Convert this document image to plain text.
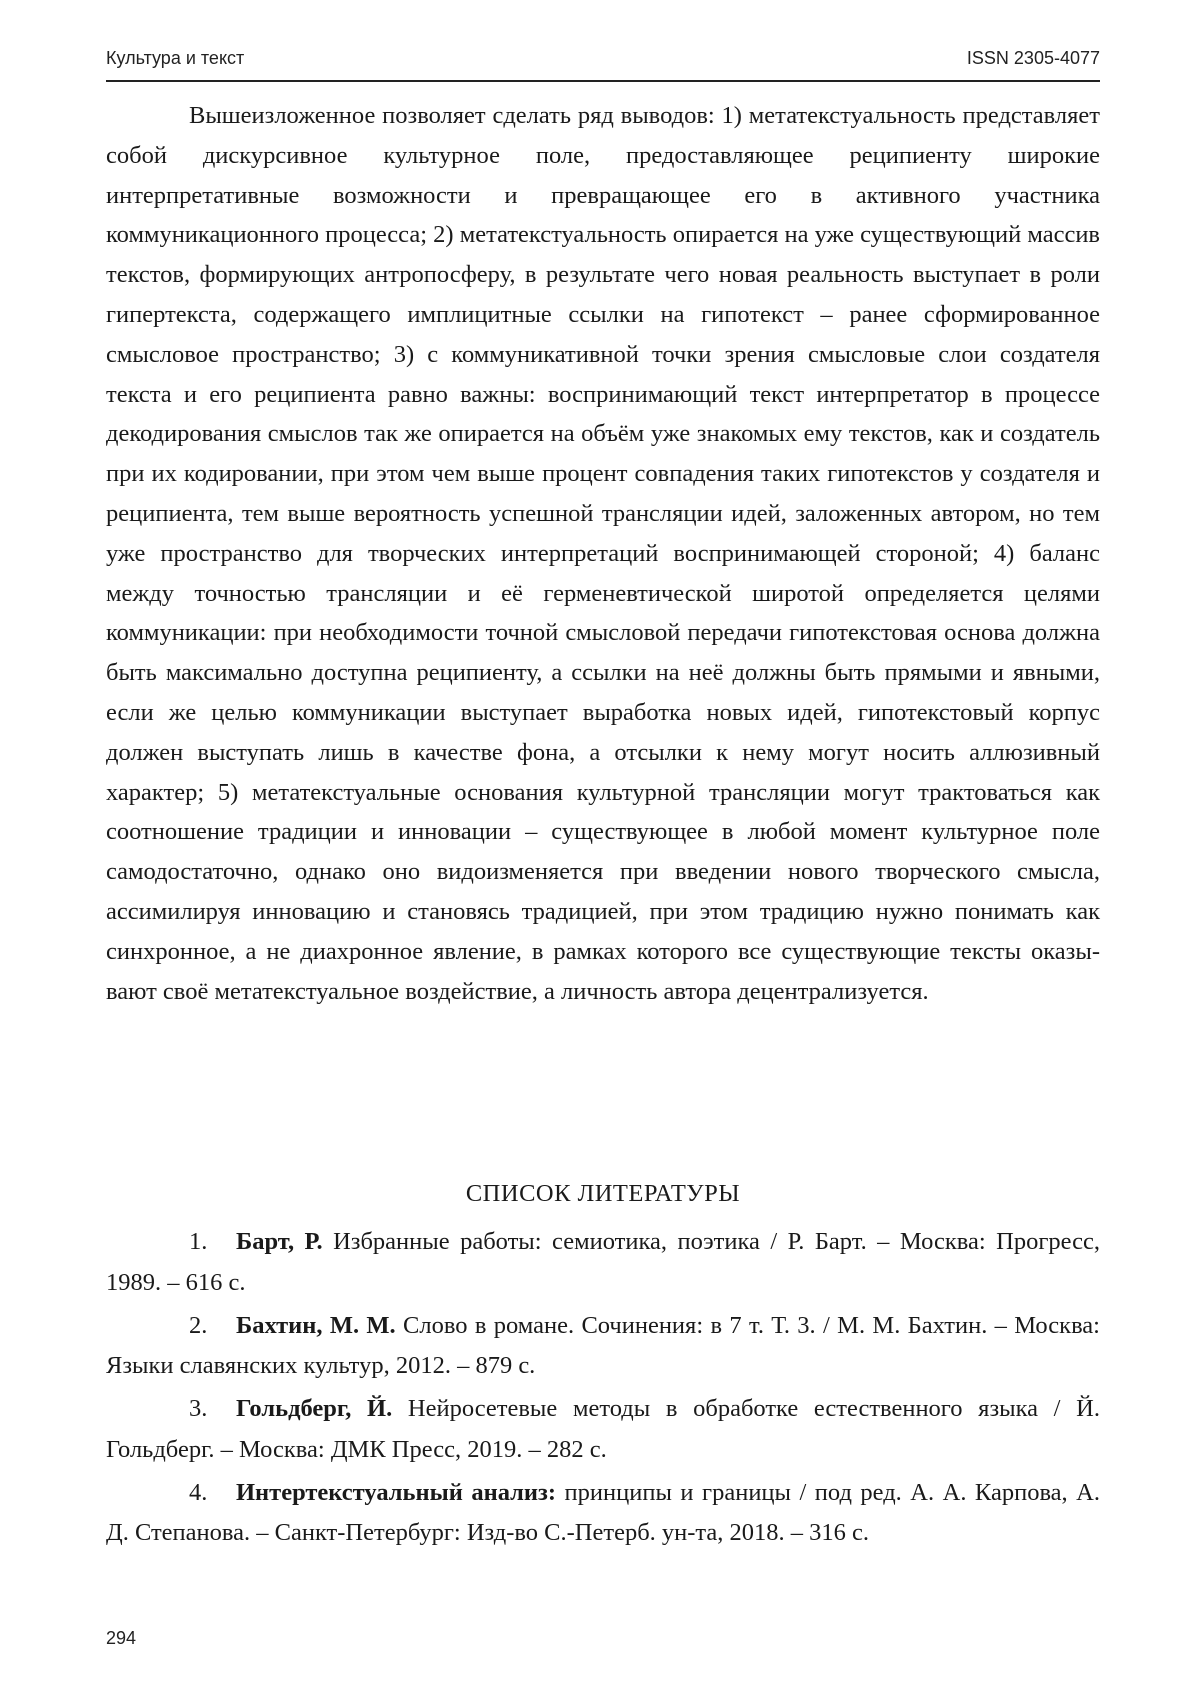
Культура и текст	ISSN 2305-4077

Вышеизложенное позволяет сделать ряд выводов: 1) метатекстуальность представляет собой дискурсивное культурное поле, предоставляющее реципиенту широкие интерпретативные возможности и превращающее его в активного участника коммуникационного процесса; 2) метатекстуальность опирается на уже существующий массив текстов, формирующих антропосферу, в результате чего новая реальность выступает в роли гипертекста, содержащего имплицитные ссылки на гипотекст – ранее сформированное смысловое пространство; 3) с коммуникативной точки зрения смысловые слои создателя текста и его реципиента равно важны: воспринимающий текст интерпретатор в процессе декодирования смыслов так же опирается на объём уже знакомых ему текстов, как и создатель при их кодировании, при этом чем выше процент совпадения таких гипотекстов у создателя и реципиента, тем выше вероятность успешной трансляции идей, заложенных автором, но тем уже пространство для творческих интерпретаций воспринимающей стороной; 4) баланс между точностью трансляции и её герменевтической широтой определяется целями коммуникации: при необходимости точной смысловой передачи гипотекстовая основа должна быть максимально доступна реципиенту, а ссылки на неё должны быть прямыми и явными, если же целью коммуникации выступает выработка новых идей, гипотекстовый корпус должен выступать лишь в качестве фона, а отсылки к нему могут носить аллюзивный характер; 5) метатекстуальные основания культурной трансляции могут трактоваться как соотношение традиции и инновации – существующее в любой момент культурное поле самодостаточно, однако оно видоизменяется при введении нового творческого смысла, ассимилируя инновацию и становясь традицией, при этом традицию нужно понимать как синхронное, а не диахронное явление, в рамках которого все существующие тексты оказывают своё метатекстуальное воздействие, а личность автора децентрализуется.

СПИСОК ЛИТЕРАТУРЫ
1. Барт, Р. Избранные работы: семиотика, поэтика / Р. Барт. – Москва: Прогресс, 1989. – 616 с.
2. Бахтин, М. М. Слово в романе. Сочинения: в 7 т. Т. 3. / М. М. Бахтин. – Москва: Языки славянских культур, 2012. – 879 с.
3. Гольдберг, Й. Нейросетевые методы в обработке естественного языка / Й. Гольдберг. – Москва: ДМК Пресс, 2019. – 282 с.
4. Интертекстуальный анализ: принципы и границы / под ред. А. А. Карпова, А. Д. Степанова. – Санкт-Петербург: Изд-во С.-Петерб. ун-та, 2018. – 316 с.
294
